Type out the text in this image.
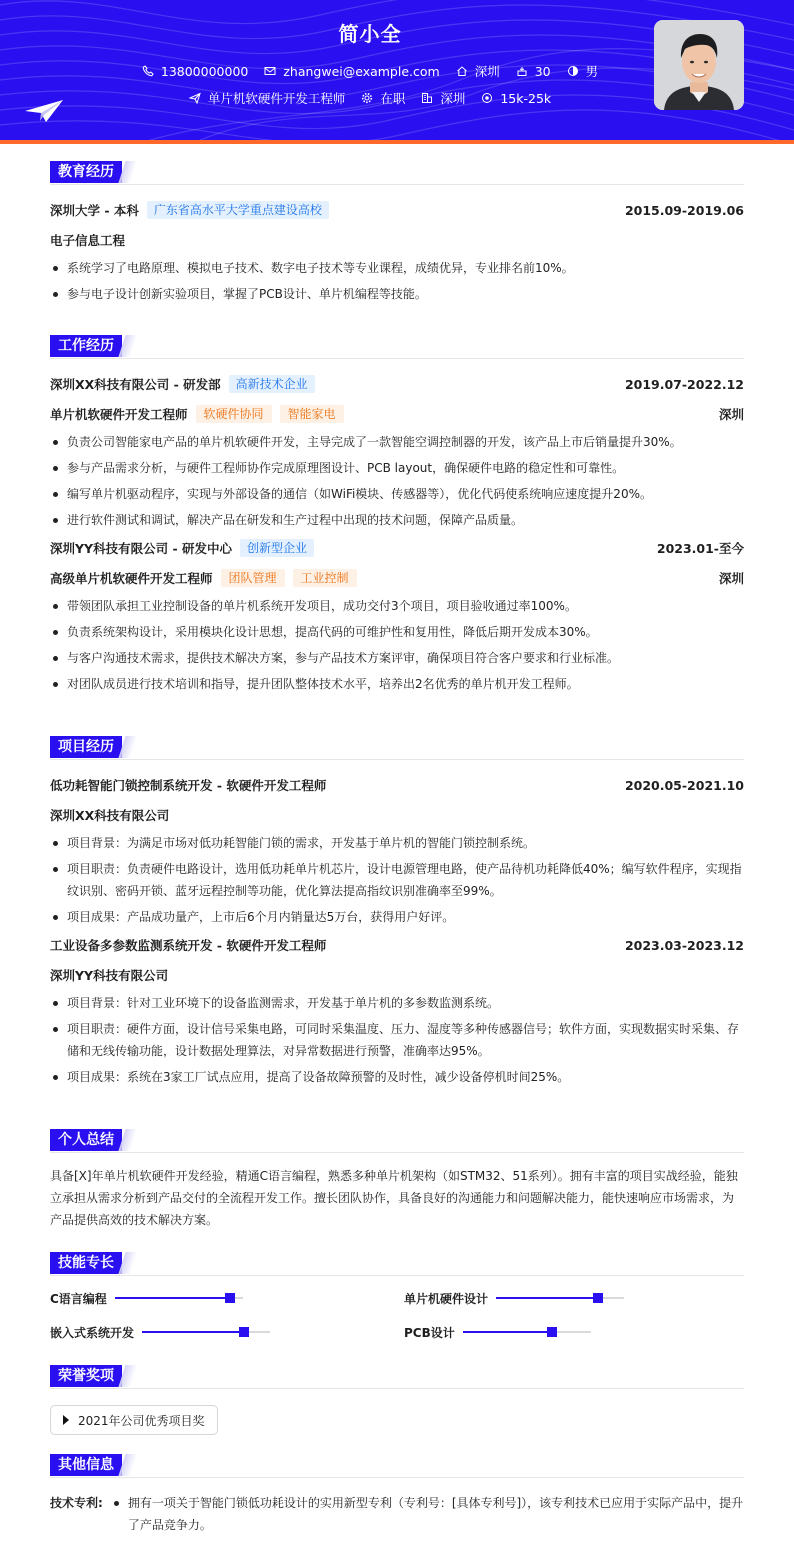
简小全
13800000000
	zhangwei@example.com
	深圳
	30
	男
单片机软硬件开发工程师
	在职
	深圳
	15k-25k
教育经历
深圳大学 - 本科	广东省高水平大学重点建设高校	2015.09-2019.06
电子信息工程
系统学习了电路原理、模拟电子技术、数字电子技术等专业课程，成绩优异，专业排名前10%。
参与电子设计创新实验项目，掌握了PCB设计、单片机编程等技能。
工作经历
深圳XX科技有限公司 - 研发部	高新技术企业	2019.07-2022.12
单片机软硬件开发工程师	软硬件协同	智能家电	深圳
负责公司智能家电产品的单片机软硬件开发，主导完成了一款智能空调控制器的开发，该产品上市后销量提升30%。
参与产品需求分析，与硬件工程师协作完成原理图设计、PCB layout，确保硬件电路的稳定性和可靠性。
编写单片机驱动程序，实现与外部设备的通信（如WiFi模块、传感器等），优化代码使系统响应速度提升20%。
进行软件测试和调试，解决产品在研发和生产过程中出现的技术问题，保障产品质量。
深圳YY科技有限公司 - 研发中心	创新型企业	2023.01-至今
高级单片机软硬件开发工程师	团队管理	工业控制	深圳
带领团队承担工业控制设备的单片机系统开发项目，成功交付3个项目，项目验收通过率100%。
负责系统架构设计，采用模块化设计思想，提高代码的可维护性和复用性，降低后期开发成本30%。
与客户沟通技术需求，提供技术解决方案，参与产品技术方案评审，确保项目符合客户要求和行业标准。
对团队成员进行技术培训和指导，提升团队整体技术水平，培养出2名优秀的单片机开发工程师。
项目经历
低功耗智能门锁控制系统开发 - 软硬件开发工程师	2020.05-2021.10
深圳XX科技有限公司
项目背景：为满足市场对低功耗智能门锁的需求，开发基于单片机的智能门锁控制系统。
项目职责：负责硬件电路设计，选用低功耗单片机芯片，设计电源管理电路，使产品待机功耗降低40%；编写软件程序，实现指纹识别、密码开锁、蓝牙远程控制等功能，优化算法提高指纹识别准确率至99%。
项目成果：产品成功量产，上市后6个月内销量达5万台，获得用户好评。
工业设备多参数监测系统开发 - 软硬件开发工程师	2023.03-2023.12
深圳YY科技有限公司
项目背景：针对工业环境下的设备监测需求，开发基于单片机的多参数监测系统。
项目职责：硬件方面，设计信号采集电路，可同时采集温度、压力、湿度等多种传感器信号；软件方面，实现数据实时采集、存储和无线传输功能，设计数据处理算法，对异常数据进行预警，准确率达95%。
项目成果：系统在3家工厂试点应用，提高了设备故障预警的及时性，减少设备停机时间25%。
个人总结
具备[X]年单片机软硬件开发经验，精通C语言编程，熟悉多种单片机架构（如STM32、51系列）。拥有丰富的项目实战经验，能独立承担从需求分析到产品交付的全流程开发工作。擅长团队协作，具备良好的沟通能力和问题解决能力，能快速响应市场需求，为产品提供高效的技术解决方案。
技能专长
C语言编程	单片机硬件设计
嵌入式系统开发	PCB设计
荣誉奖项
2021年公司优秀项目奖
其他信息
技术专利:	拥有一项关于智能门锁低功耗设计的实用新型专利（专利号：[具体专利号]），该专利技术已应用于实际产品中，提升了产品竞争力。
